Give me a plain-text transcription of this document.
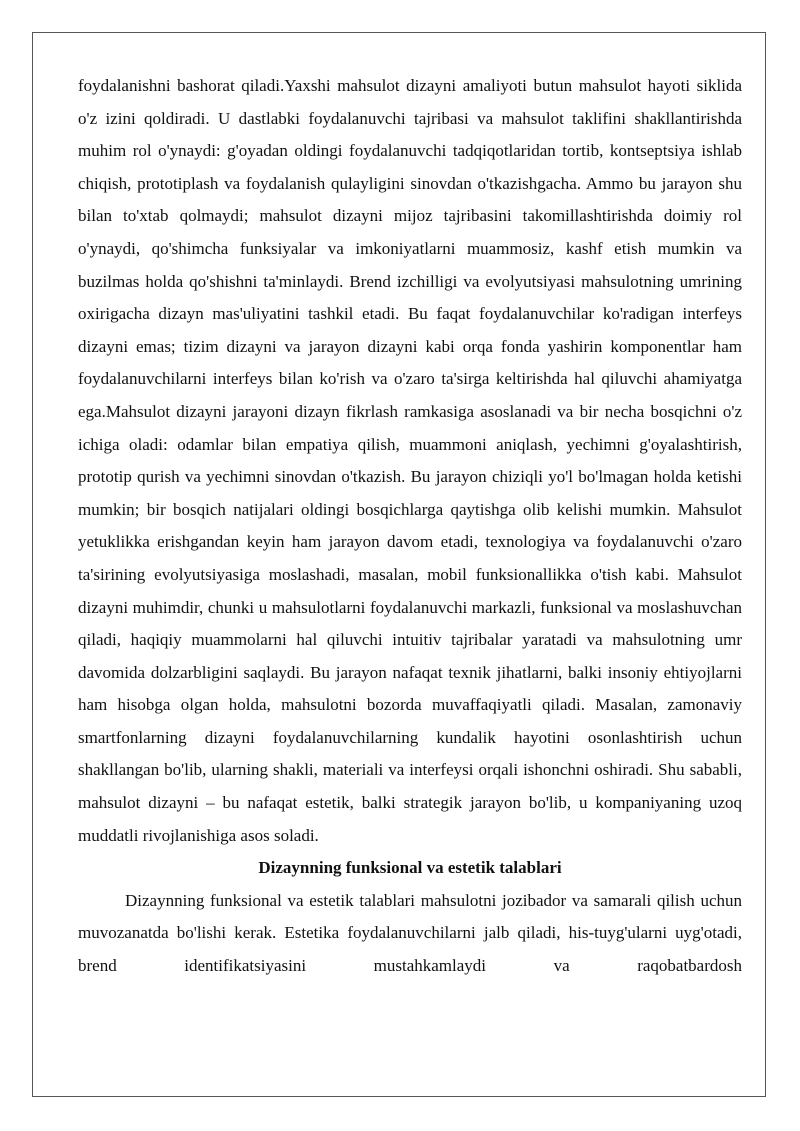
foydalanishni bashorat qiladi.Yaxshi mahsulot dizayni amaliyoti butun mahsulot hayoti siklida o'z izini qoldiradi. U dastlabki foydalanuvchi tajribasi va mahsulot taklifini shakllantirishda muhim rol o'ynaydi: g'oyadan oldingi foydalanuvchi tadqiqotlaridan tortib, kontseptsiya ishlab chiqish, prototiplash va foydalanish qulayligini sinovdan o'tkazishgacha. Ammo bu jarayon shu bilan to'xtab qolmaydi; mahsulot dizayni mijoz tajribasini takomillashtirishda doimiy rol o'ynaydi, qo'shimcha funksiyalar va imkoniyatlarni muammosiz, kashf etish mumkin va buzilmas holda qo'shishni ta'minlaydi. Brend izchilligi va evolyutsiyasi mahsulotning umrining oxirigacha dizayn mas'uliyatini tashkil etadi. Bu faqat foydalanuvchilar ko'radigan interfeys dizayni emas; tizim dizayni va jarayon dizayni kabi orqa fonda yashirin komponentlar ham foydalanuvchilarni interfeys bilan ko'rish va o'zaro ta'sirga keltirishda hal qiluvchi ahamiyatga ega.Mahsulot dizayni jarayoni dizayn fikrlash ramkasiga asoslanadi va bir necha bosqichni o'z ichiga oladi: odamlar bilan empatiya qilish, muammoni aniqlash, yechimni g'oyalashtirish, prototip qurish va yechimni sinovdan o'tkazish. Bu jarayon chiziqli yo'l bo'lmagan holda ketishi mumkin; bir bosqich natijalari oldingi bosqichlarga qaytishga olib kelishi mumkin. Mahsulot yetuklikka erishgandan keyin ham jarayon davom etadi, texnologiya va foydalanuvchi o'zaro ta'sirining evolyutsiyasiga moslashadi, masalan, mobil funksionallikka o'tish kabi. Mahsulot dizayni muhimdir, chunki u mahsulotlarni foydalanuvchi markazli, funksional va moslashuvchan qiladi, haqiqiy muammolarni hal qiluvchi intuitiv tajribalar yaratadi va mahsulotning umr davomida dolzarbligini saqlaydi. Bu jarayon nafaqat texnik jihatlarni, balki insoniy ehtiyojlarni ham hisobga olgan holda, mahsulotni bozorda muvaffaqiyatli qiladi. Masalan, zamonaviy smartfonlarning dizayni foydalanuvchilarning kundalik hayotini osonlashtirish uchun shakllangan bo'lib, ularning shakli, materiali va interfeysi orqali ishonchni oshiradi. Shu sababli, mahsulot dizayni – bu nafaqat estetik, balki strategik jarayon bo'lib, u kompaniyaning uzoq muddatli rivojlanishiga asos soladi.

Dizaynning funksional va estetik talablari

Dizaynning funksional va estetik talablari mahsulotni jozibador va samarali qilish uchun muvozanatda bo'lishi kerak. Estetika foydalanuvchilarni jalb qiladi, his-tuyg'ularni uyg'otadi, brend identifikatsiyasini mustahkamlaydi va raqobatbardosh
